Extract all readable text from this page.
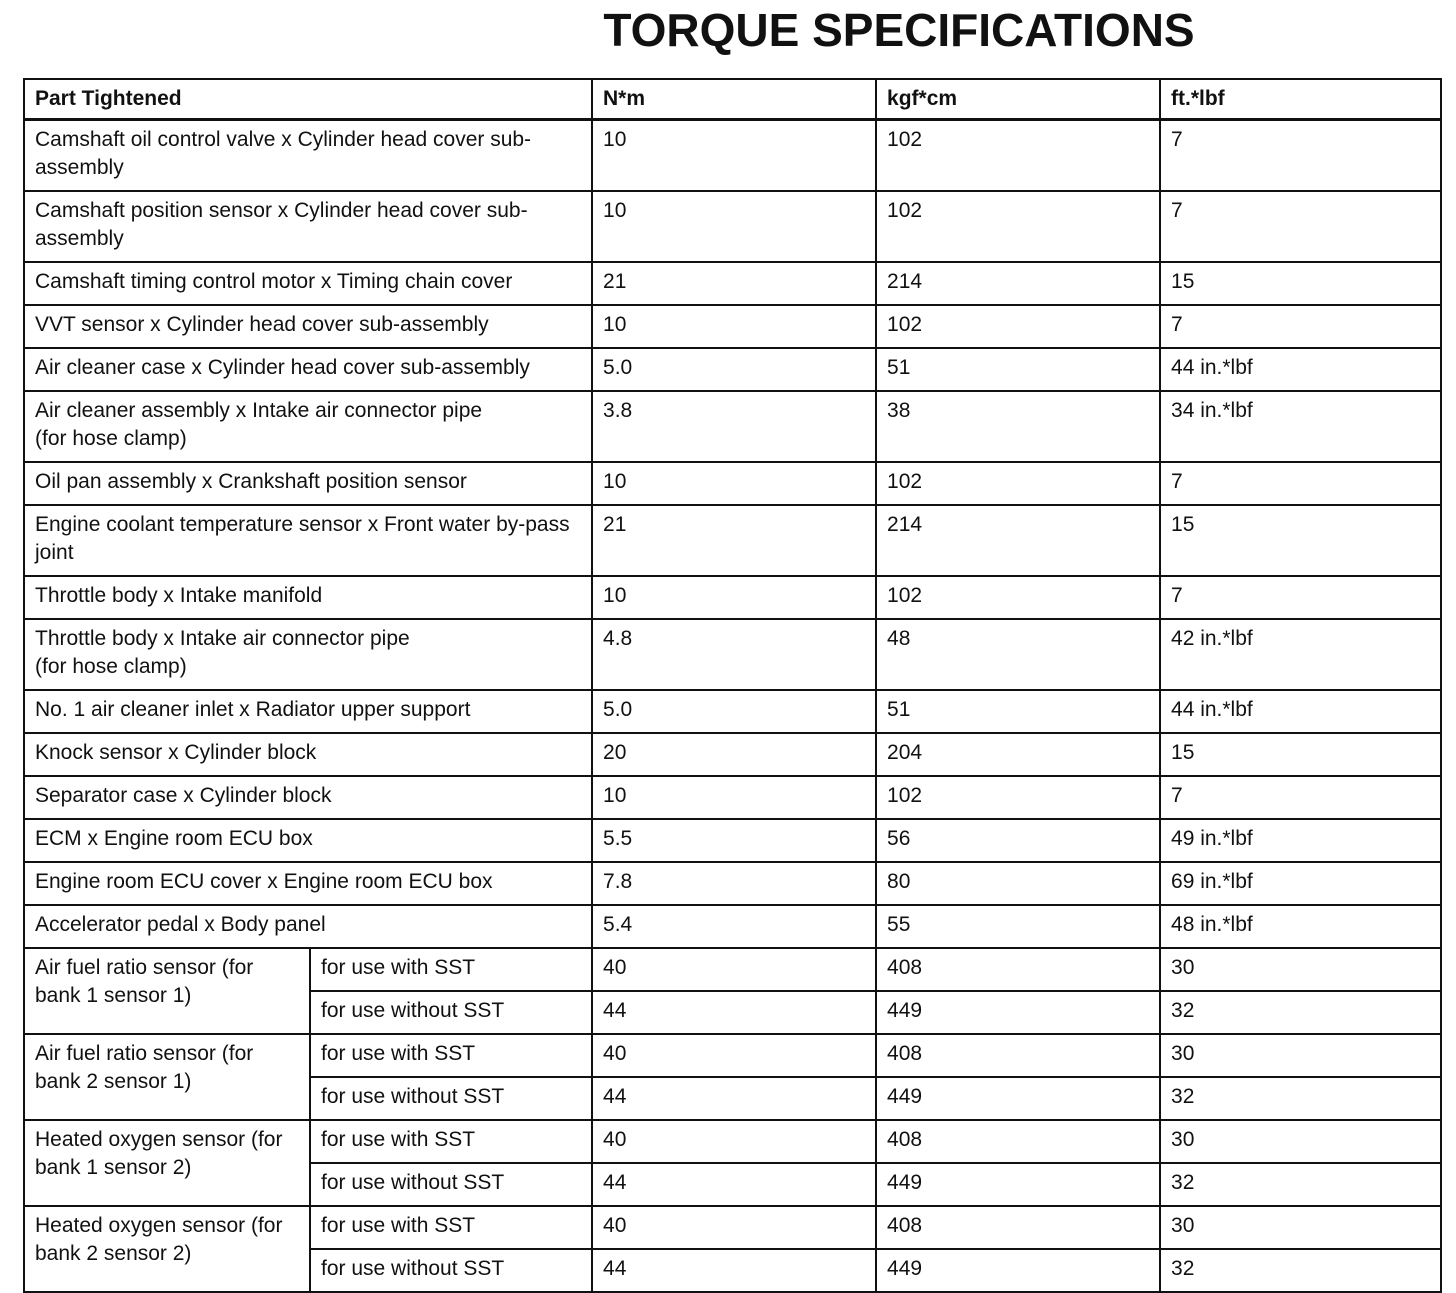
TORQUE SPECIFICATIONS
Part Tightened		N*m	kgf*cm	ft.*lbf
Camshaft oil control valve x Cylinder head cover sub-assembly		10	102	7
Camshaft position sensor x Cylinder head cover sub-assembly		10	102	7
Camshaft timing control motor x Timing chain cover		21	214	15
VVT sensor x Cylinder head cover sub-assembly		10	102	7
Air cleaner case x Cylinder head cover sub-assembly		5.0	51	44 in.*lbf
Air cleaner assembly x Intake air connector pipe
(for hose clamp)		3.8	38	34 in.*lbf
Oil pan assembly x Crankshaft position sensor		10	102	7
Engine coolant temperature sensor x Front water by-pass joint		21	214	15
Throttle body x Intake manifold		10	102	7
Throttle body x Intake air connector pipe
(for hose clamp)		4.8	48	42 in.*lbf
No. 1 air cleaner inlet x Radiator upper support		5.0	51	44 in.*lbf
Knock sensor x Cylinder block		20	204	15
Separator case x Cylinder block		10	102	7
ECM x Engine room ECU box		5.5	56	49 in.*lbf
Engine room ECU cover x Engine room ECU box		7.8	80	69 in.*lbf
Accelerator pedal x Body panel		5.4	55	48 in.*lbf
Air fuel ratio sensor (for bank 1 sensor 1)	for use with SST	40	408	30
	for use without SST	44	449	32
Air fuel ratio sensor (for bank 2 sensor 1)	for use with SST	40	408	30
	for use without SST	44	449	32
Heated oxygen sensor (for bank 1 sensor 2)	for use with SST	40	408	30
	for use without SST	44	449	32
Heated oxygen sensor (for bank 2 sensor 2)	for use with SST	40	408	30
	for use without SST	44	449	32
